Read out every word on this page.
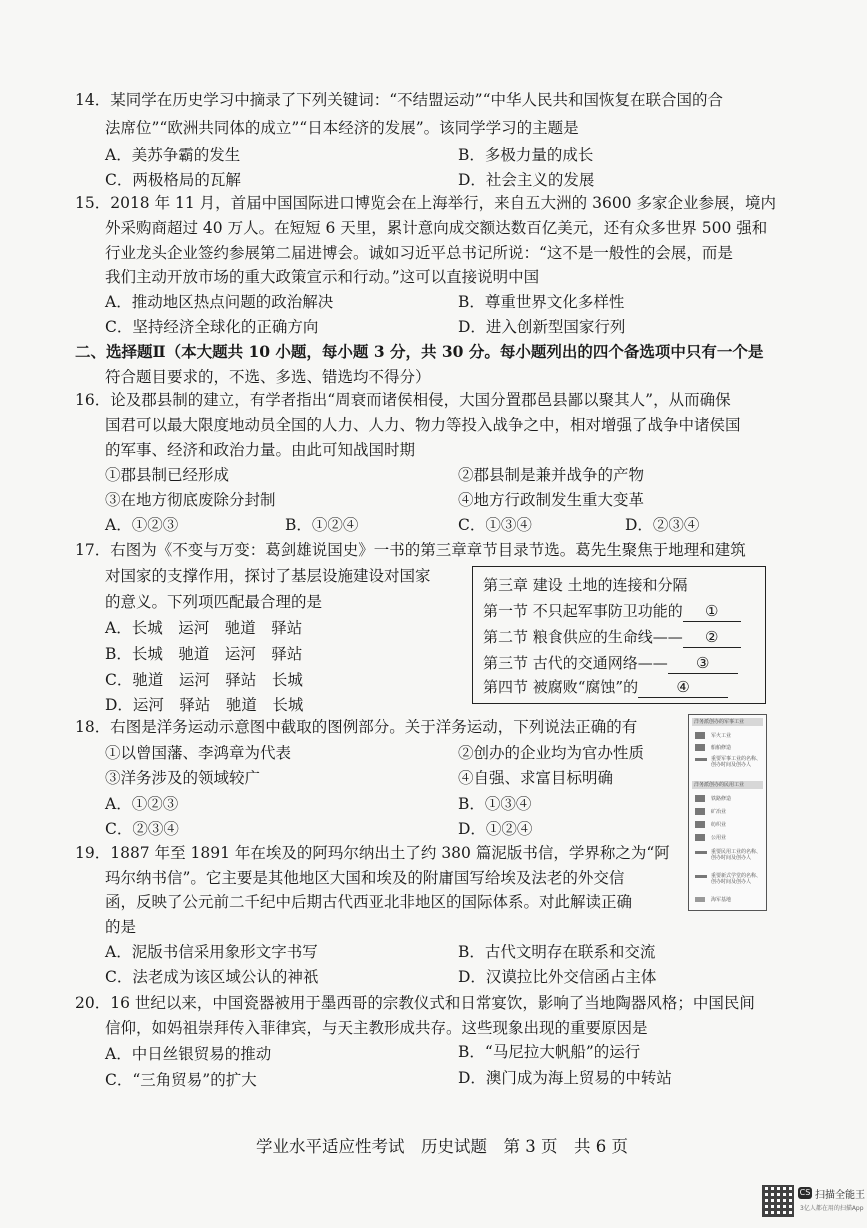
14．某同学在历史学习中摘录了下列关键词：“不结盟运动”“中华人民共和国恢复在联合国的合
法席位”“欧洲共同体的成立”“日本经济的发展”。该同学学习的主题是
A．美苏争霸的发生	B．多极力量的成长
C．两极格局的瓦解	D．社会主义的发展
15．2018 年 11 月，首届中国国际进口博览会在上海举行，来自五大洲的 3600 多家企业参展，境内
外采购商超过 40 万人。在短短 6 天里，累计意向成交额达数百亿美元，还有众多世界 500 强和
行业龙头企业签约参展第二届进博会。诚如习近平总书记所说：“这不是一般性的会展，而是
我们主动开放市场的重大政策宣示和行动。”这可以直接说明中国
A．推动地区热点问题的政治解决	B．尊重世界文化多样性
C．坚持经济全球化的正确方向	D．进入创新型国家行列
二、选择题Ⅱ（本大题共 10 小题，每小题 3 分，共 30 分。每小题列出的四个备选项中只有一个是
符合题目要求的，不选、多选、错选均不得分）
16．论及郡县制的建立，有学者指出“周衰而诸侯相侵，大国分置郡邑县鄙以聚其人”，从而确保
国君可以最大限度地动员全国的人力、人力、物力等投入战争之中，相对增强了战争中诸侯国
的军事、经济和政治力量。由此可知战国时期
①郡县制已经形成	②郡县制是兼并战争的产物
③在地方彻底废除分封制	④地方行政制发生重大变革
A．①②③	B．①②④	C．①③④	D．②③④
17．右图为《不变与万变：葛剑雄说国史》一书的第三章章节目录节选。葛先生聚焦于地理和建筑
对国家的支撑作用，探讨了基层设施建设对国家
的意义。下列项匹配最合理的是
A．长城　运河　驰道　驿站
B．长城　驰道　运河　驿站
C．驰道　运河　驿站　长城
D．运河　驿站　驰道　长城
第三章 建设 土地的连接和分隔
第一节 不只起军事防卫功能的 ①
第二节 粮食供应的生命线—— ②
第三节 古代的交通网络—— ③
第四节 被腐败“腐蚀”的	④
18．右图是洋务运动示意图中截取的图例部分。关于洋务运动，下列说法正确的有
①以曾国藩、李鸿章为代表	②创办的企业均为官办性质
③洋务涉及的领域较广	④自强、求富目标明确
A．①②③	B．①③④
C．②③④	D．①②④
洋务派创办的军事工业
军火工业
船舶修造
重要军事工业的名称、创办时间及创办人
洋务派创办的民用工业
铁路修造
矿冶业
纺织业
公用业
重要民用工业的名称、创办时间及创办人
重要新式学堂的名称、创办时间及创办人
海军基地
19．1887 年至 1891 年在埃及的阿玛尔纳出土了约 380 篇泥版书信，学界称之为“阿
玛尔纳书信”。它主要是其他地区大国和埃及的附庸国写给埃及法老的外交信
函，反映了公元前二千纪中后期古代西亚北非地区的国际体系。对此解读正确
的是
A．泥版书信采用象形文字书写	B．古代文明存在联系和交流
C．法老成为该区域公认的神祇	D．汉谟拉比外交信函占主体
20．16 世纪以来，中国瓷器被用于墨西哥的宗教仪式和日常宴饮，影响了当地陶器风格；中国民间
信仰，如妈祖崇拜传入菲律宾，与天主教形成共存。这些现象出现的重要原因是
A．中日丝银贸易的推动	B．“马尼拉大帆船”的运行
C．“三角贸易”的扩大	D．澳门成为海上贸易的中转站
学业水平适应性考试　历史试题　第 3 页　共 6 页
CS 扫描全能王
3亿人都在用的扫描App
